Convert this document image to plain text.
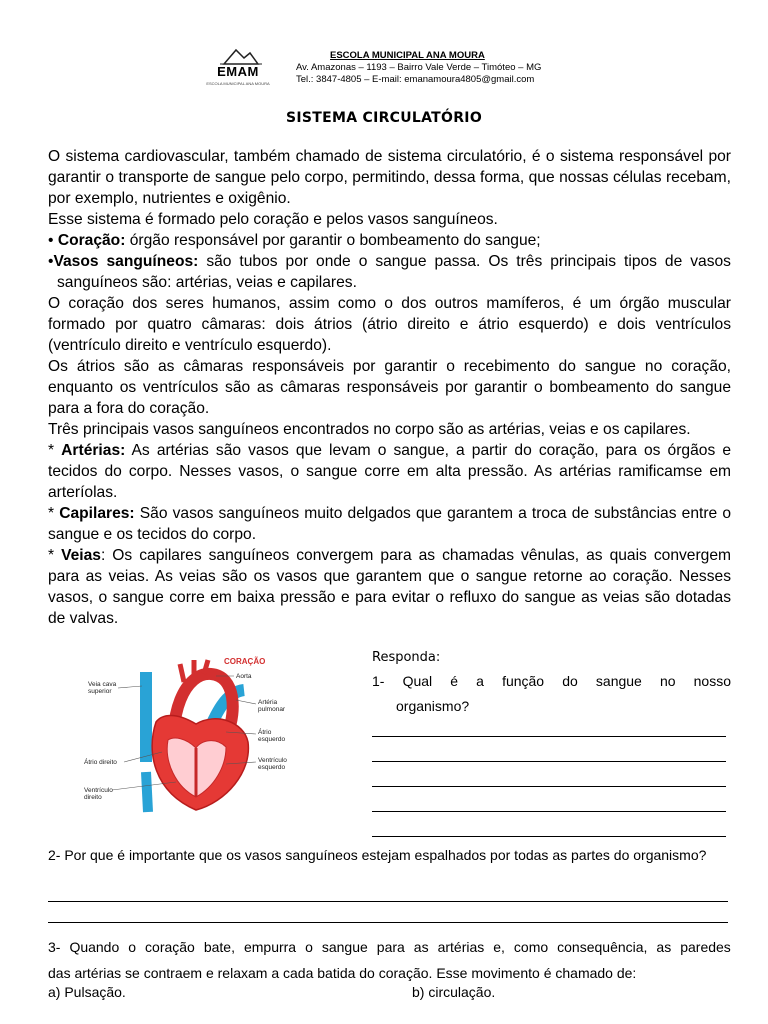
EMAM
ESCOLA MUNICIPAL ANA MOURA
ESCOLA MUNICIPAL ANA MOURA
Av. Amazonas – 1193 – Bairro Vale Verde – Timóteo – MG
Tel.: 3847-4805 – E-mail: emanamoura4805@gmail.com
SISTEMA CIRCULATÓRIO

O sistema cardiovascular, também chamado de sistema circulatório, é o sistema responsável por garantir o transporte de sangue pelo corpo, permitindo, dessa forma, que nossas células recebam, por exemplo, nutrientes e oxigênio.

Esse sistema é formado pelo coração e pelos vasos sanguíneos.

• Coração: órgão responsável por garantir o bombeamento do sangue;

•Vasos sanguíneos: são tubos por onde o sangue passa. Os três principais tipos de vasos sanguíneos são: artérias, veias e capilares.

O coração dos seres humanos, assim como o dos outros mamíferos, é um órgão muscular formado por quatro câmaras: dois átrios (átrio direito e átrio esquerdo) e dois ventrículos (ventrículo direito e ventrículo esquerdo).

Os átrios são as câmaras responsáveis por garantir o recebimento do sangue no coração, enquanto os ventrículos são as câmaras responsáveis por garantir o bombeamento do sangue para a fora do coração.

Três principais vasos sanguíneos encontrados no corpo são as artérias, veias e os capilares.

* Artérias: As artérias são vasos que levam o sangue, a partir do coração, para os órgãos e tecidos do corpo. Nesses vasos, o sangue corre em alta pressão. As artérias ramificamse em arteríolas.

* Capilares: São vasos sanguíneos muito delgados que garantem a troca de substâncias entre o sangue e os tecidos do corpo.

* Veias: Os capilares sanguíneos convergem para as chamadas vênulas, as quais convergem para as veias. As veias são os vasos que garantem que o sangue retorne ao coração. Nesses vasos, o sangue corre em baixa pressão e para evitar o refluxo do sangue as veias são dotadas de valvas.

CORAÇÃO
Aorta
Veia cava
superior
Artéria
pulmonar
Átrio
esquerdo
Átrio direito	Ventrículo
esquerdo
Ventrículo
direito
Responda:
1- Qual é a função do sangue no nosso
organismo?
2- Por que é importante que os vasos sanguíneos estejam espalhados por todas as partes do organismo?
3- Quando o coração bate, empurra o sangue para as artérias e, como consequência, as paredes
das artérias se contraem e relaxam a cada batida do coração. Esse movimento é chamado de:
a) Pulsação.	b) circulação.
